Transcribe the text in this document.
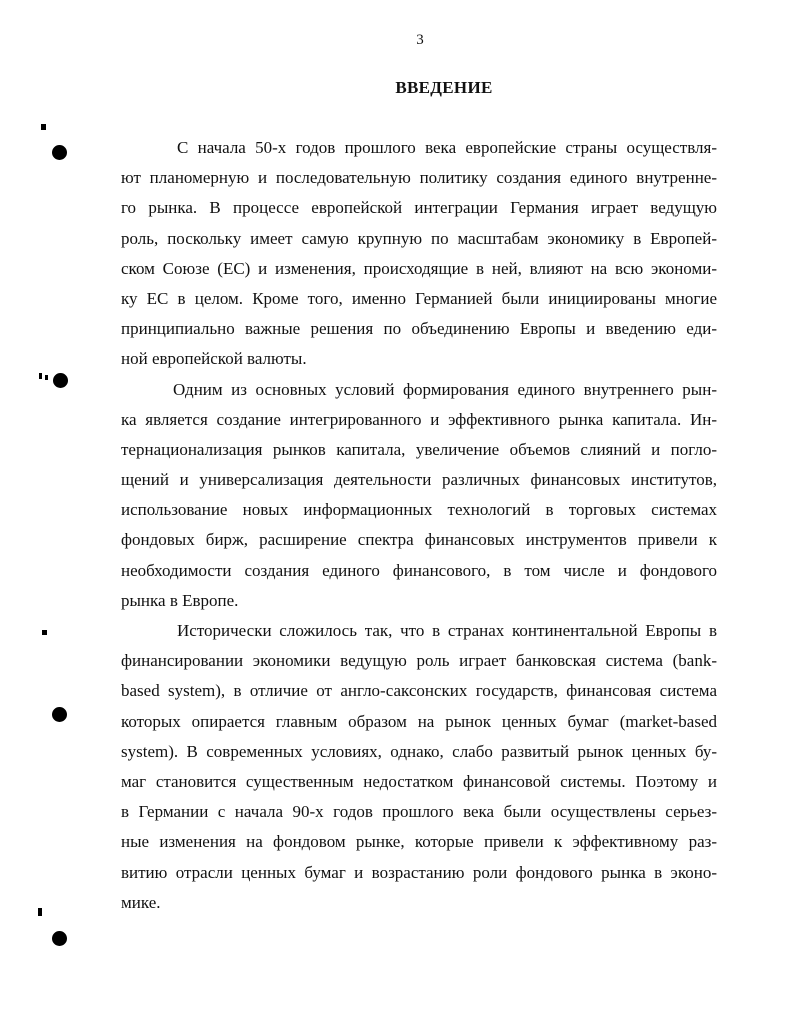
3
ВВЕДЕНИЕ
С начала 50-х годов прошлого века европейские страны осуществля-
ют планомерную и последовательную политику создания единого внутренне-
го рынка. В процессе европейской интеграции Германия играет ведущую
роль, поскольку имеет самую крупную по масштабам экономику в Европей-
ском Союзе (ЕС) и изменения, происходящие в ней, влияют на всю экономи-
ку ЕС в целом. Кроме того, именно Германией были инициированы многие
принципиально важные решения по объединению Европы и введению еди-
ной европейской валюты.
Одним из основных условий формирования единого внутреннего рын-
ка является создание интегрированного и эффективного рынка капитала. Ин-
тернационализация рынков капитала, увеличение объемов слияний и погло-
щений и универсализация деятельности различных финансовых институтов,
использование новых информационных технологий в торговых системах
фондовых бирж, расширение спектра финансовых инструментов привели к
необходимости создания единого финансового, в том числе и фондового
рынка в Европе.
Исторически сложилось так, что в странах континентальной Европы в
финансировании экономики ведущую роль играет банковская система (bank-
based system), в отличие от англо-саксонских государств, финансовая система
которых опирается главным образом на рынок ценных бумаг (market-based
system). В современных условиях, однако, слабо развитый рынок ценных бу-
маг становится существенным недостатком финансовой системы. Поэтому и
в Германии с начала 90-х годов прошлого века были осуществлены серьез-
ные изменения на фондовом рынке, которые привели к эффективному раз-
витию отрасли ценных бумаг и возрастанию роли фондового рынка в эконо-
мике.
